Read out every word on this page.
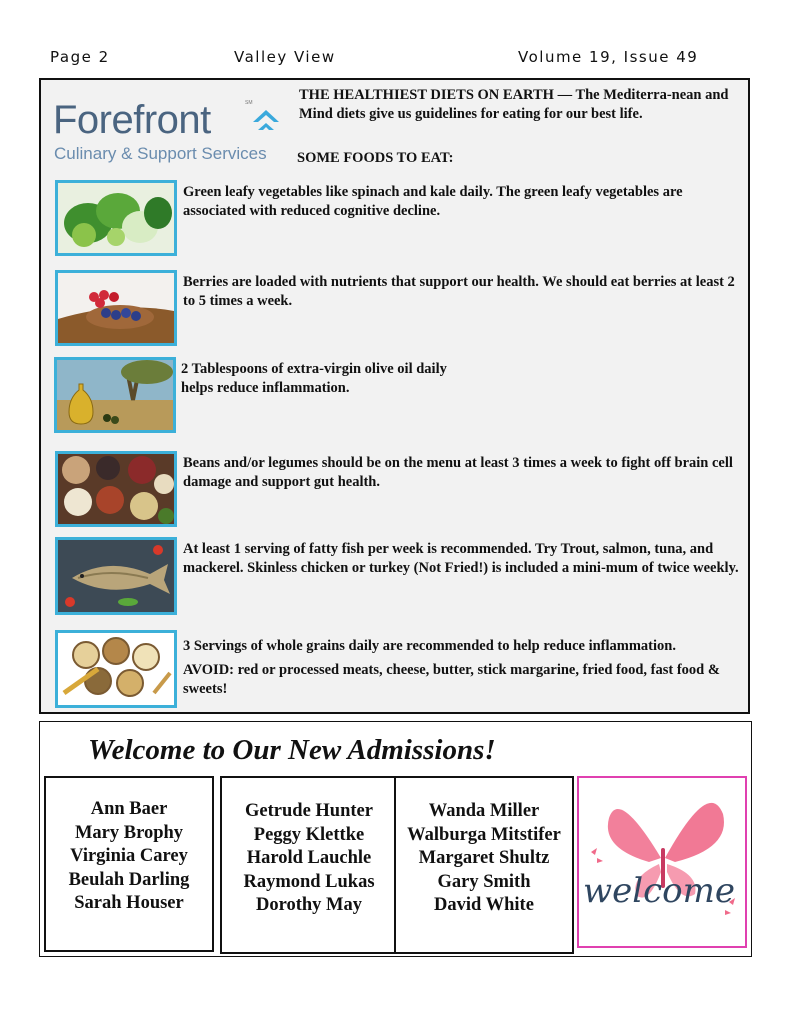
Page 2	Valley View	Volume 19, Issue 49
Forefront	SM
Culinary & Support Services
THE HEALTHIEST DIETS ON EARTH — The Mediterra-nean and Mind diets give us guidelines for eating for our best life.
SOME FOODS TO EAT:
Green leafy vegetables like spinach and kale daily. The green leafy vegetables are associated with reduced cognitive decline.
Berries are loaded with nutrients that support our health. We should eat berries at least 2 to 5 times a week.
2 Tablespoons of extra-virgin olive oil daily
helps reduce inflammation.
Beans and/or legumes should be on the menu at least 3 times a week to fight off brain cell damage and support gut health.
At least 1 serving of fatty fish per week is recommended. Try Trout, salmon, tuna, and mackerel. Skinless chicken or turkey (Not Fried!) is included a mini-mum of twice weekly.
3 Servings of whole grains daily are recommended to help reduce inflammation.
AVOID: red or processed meats, cheese, butter, stick margarine, fried food, fast food & sweets!
Welcome to Our New Admissions!
Ann Baer
Mary Brophy
Virginia Carey
Beulah Darling
Sarah Houser
Getrude Hunter
Peggy Klettke
Harold Lauchle
Raymond Lukas
Dorothy May
Wanda Miller
Walburga Mitstifer
Margaret Shultz
Gary Smith
David White	welcome
